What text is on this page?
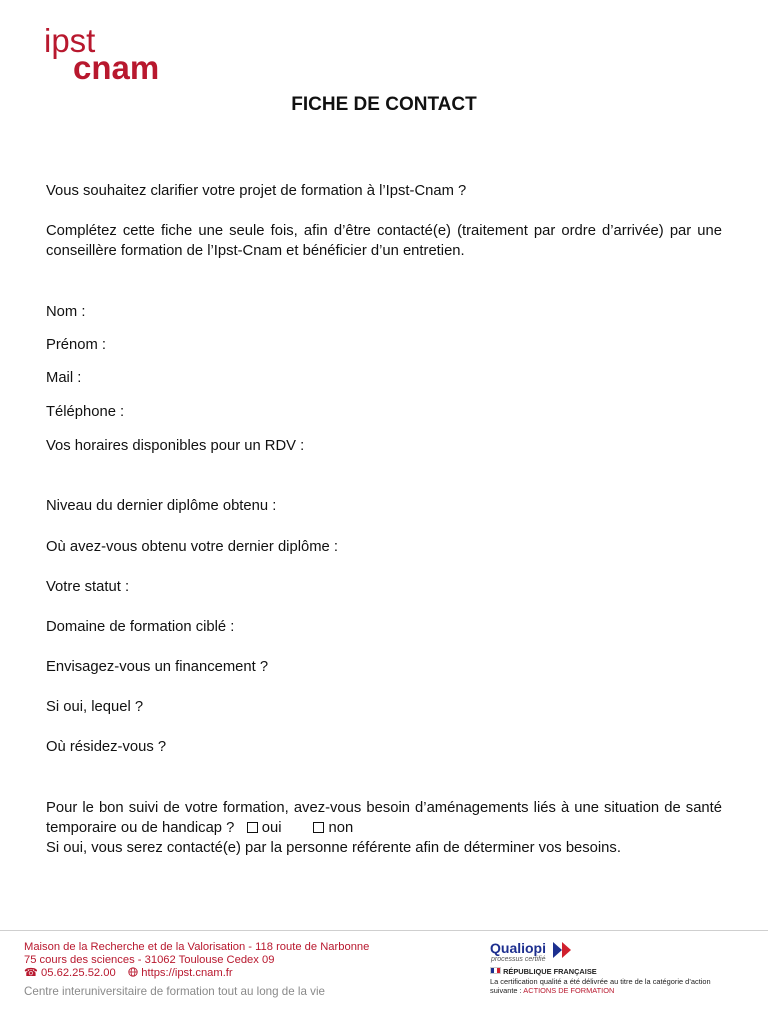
ipst
cnam
FICHE DE CONTACT
Vous souhaitez clarifier votre projet de formation à l’Ipst-Cnam ?
Complétez cette fiche une seule fois, afin d’être contacté(e) (traitement par ordre d’arrivée) par une
conseillère formation de l’Ipst-Cnam et bénéficier d’un entretien.
Nom :
Prénom :
Mail :
Téléphone :
Vos horaires disponibles pour un RDV :
Niveau du dernier diplôme obtenu :
Où avez-vous obtenu votre dernier diplôme :
Votre statut :
Domaine de formation ciblé :
Envisagez-vous un financement ?
Si oui, lequel ?
Où résidez-vous ?
Pour le bon suivi de votre formation, avez-vous besoin d’aménagements liés à une situation de santé
temporaire ou de handicap ? oui	non
Si oui, vous serez contacté(e) par la personne référente afin de déterminer vos besoins.
Maison de la Recherche et de la Valorisation - 118 route de Narbonne
75 cours des sciences - 31062 Toulouse Cedex 09
☎ 05.62.25.52.00 https://ipst.cnam.fr
Centre interuniversitaire de formation tout au long de la vie
Qualiopi
processus certifié
RÉPUBLIQUE FRANÇAISE
La certification qualité a été délivrée au titre de la catégorie d’action
suivante : ACTIONS DE FORMATION
